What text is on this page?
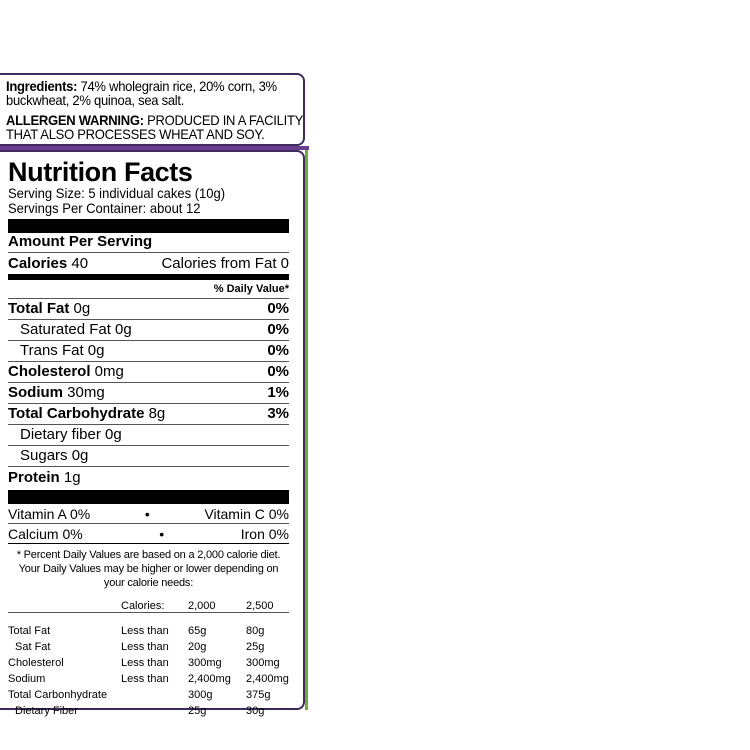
Ingredients: 74% wholegrain rice, 20% corn, 3%
buckwheat, 2% quinoa, sea salt.
ALLERGEN WARNING: PRODUCED IN A FACILITY
THAT ALSO PROCESSES WHEAT AND SOY.
Nutrition Facts
Serving Size: 5 individual cakes (10g)
Servings Per Container: about 12
Amount Per Serving
Calories 40	Calories from Fat 0
% Daily Value*
Total Fat 0g	0%
Saturated Fat 0g	0%
Trans Fat 0g	0%
Cholesterol 0mg	0%
Sodium 30mg	1%
Total Carbohydrate 8g	3%
Dietary fiber 0g
Sugars 0g
Protein 1g
Vitamin A 0%	•	Vitamin C 0%
Calcium 0%	•	Iron 0%
* Percent Daily Values are based on a 2,000 calorie diet. Your Daily Values may be higher or lower depending on your calorie needs:
	Calories:	2,000	2,500

Total Fat	Less than	65g	80g
Sat Fat	Less than	20g	25g
Cholesterol	Less than	300mg	300mg
Sodium	Less than	2,400mg	2,400mg
Total Carbonhydrate		300g	375g
Dietary Fiber		25g	30g
